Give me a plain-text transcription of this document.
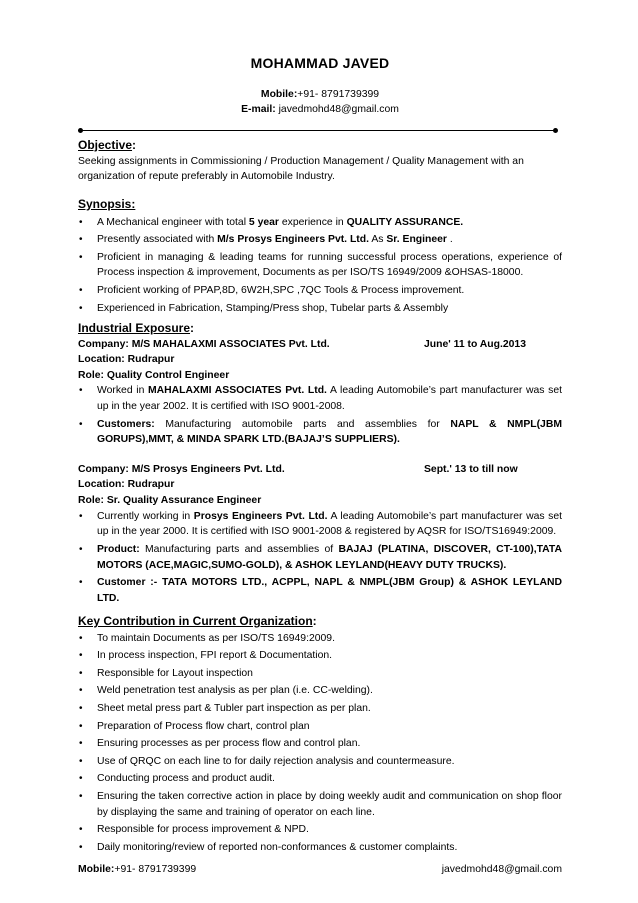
MOHAMMAD JAVED
Mobile:+91- 8791739399
E-mail: javedmohd48@gmail.com
Objective:

Seeking assignments in Commissioning / Production Management / Quality Management with an organization of repute preferably in Automobile Industry.

Synopsis:
• A Mechanical engineer with total 5 year experience in QUALITY ASSURANCE.
• Presently associated with M/s Prosys Engineers Pvt. Ltd. As Sr. Engineer .
• Proficient in managing & leading teams for running successful process operations, experience of Process inspection & improvement, Documents as per ISO/TS 16949/2009 &OHSAS-18000.
• Proficient working of PPAP,8D, 6W2H,SPC ,7QC Tools & Process improvement.
• Experienced in Fabrication, Stamping/Press shop, Tubelar parts & Assembly
Industrial Exposure:
Company: M/S MAHALAXMI ASSOCIATES Pvt. Ltd.	June' 11 to Aug.2013
Location: Rudrapur
Role: Quality Control Engineer
• Worked in MAHALAXMI ASSOCIATES Pvt. Ltd. A leading Automobile’s part manufacturer was set up in the year 2002. It is certified with ISO 9001-2008.
• Customers: Manufacturing automobile parts and assemblies for NAPL & NMPL(JBM GORUPS),MMT, & MINDA SPARK LTD.(BAJAJ’S SUPPLIERS).
Company: M/S Prosys Engineers Pvt. Ltd.	Sept.' 13 to till now
Location: Rudrapur
Role: Sr. Quality Assurance Engineer
• Currently working in Prosys Engineers Pvt. Ltd. A leading Automobile’s part manufacturer was set up in the year 2000. It is certified with ISO 9001-2008 & registered by AQSR for ISO/TS16949:2009.
• Product: Manufacturing parts and assemblies of BAJAJ (PLATINA, DISCOVER, CT-100),TATA MOTORS (ACE,MAGIC,SUMO-GOLD), & ASHOK LEYLAND(HEAVY DUTY TRUCKS).
• Customer :- TATA MOTORS LTD., ACPPL, NAPL & NMPL(JBM Group) & ASHOK LEYLAND LTD.
Key Contribution in Current Organization:
• To maintain Documents as per ISO/TS 16949:2009.
• In process inspection, FPI report & Documentation.
• Responsible for Layout inspection
• Weld penetration test analysis as per plan (i.e. CC-welding).
• Sheet metal press part & Tubler part inspection as per plan.
• Preparation of Process flow chart, control plan
• Ensuring processes as per process flow and control plan.
• Use of QRQC on each line to for daily rejection analysis and countermeasure.
• Conducting process and product audit.
• Ensuring the taken corrective action in place by doing weekly audit and communication on shop floor by displaying the same and training of operator on each line.
• Responsible for process improvement & NPD.
• Daily monitoring/review of reported non-conformances & customer complaints.
Mobile:+91- 8791739399	javedmohd48@gmail.com
